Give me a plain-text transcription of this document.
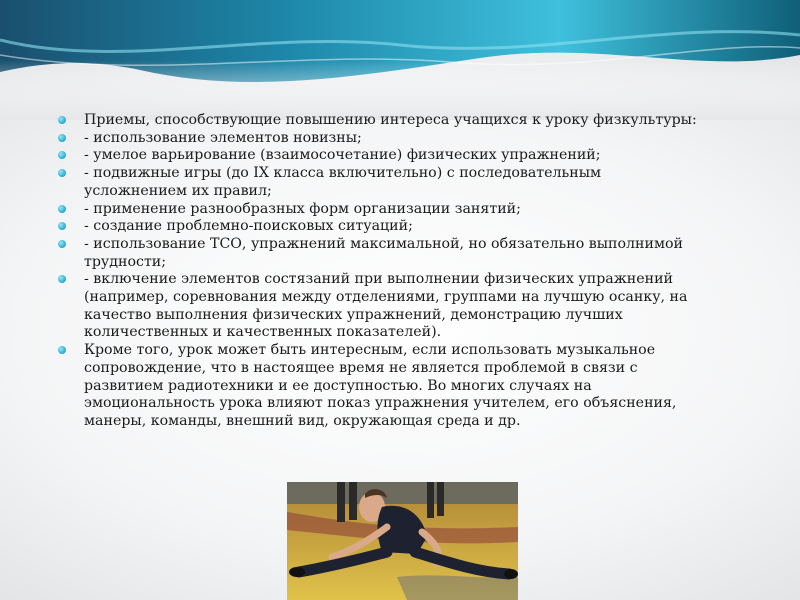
Приемы, способствующие повышению интереса учащихся к уроку физкультуры:

- использование элементов новизны;

- умелое варьирование (взаимосочетание) физических упражнений;

- подвижные игры (до IX класса включительно) с последовательным усложнением их правил;

- применение разнообразных форм организации занятий;

- создание проблемно-поисковых ситуаций;

- использование ТСО, упражнений максимальной, но обязательно выполнимой трудности;

- включение элементов состязаний при выполнении физических упражнений (например, соревнования между отделениями, группами на лучшую осанку, на качество выполнения физических упражнений, демонстрацию лучших количественных и качественных показателей).

Кроме того, урок может быть интересным, если использовать музыкальное сопровождение, что в настоящее время не является проблемой в связи с развитием радиотехники и ее доступностью. Во многих случаях на эмоциональность урока влияют показ упражнения учителем, его объяснения, манеры, команды, внешний вид, окружающая среда и др.
